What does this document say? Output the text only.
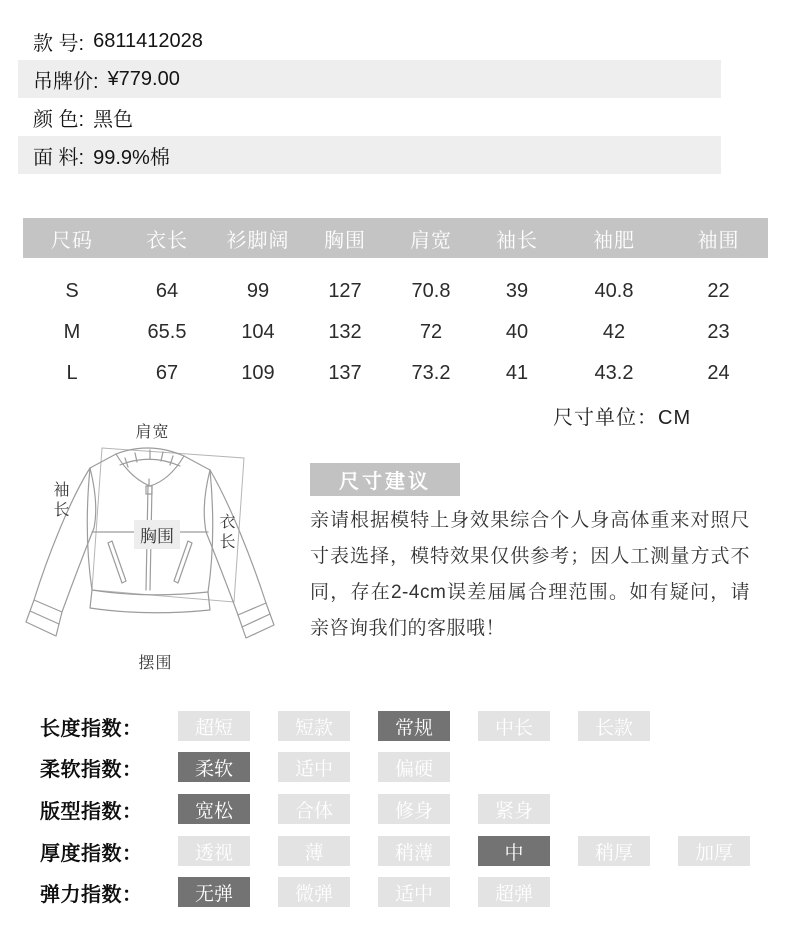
款 号: 6811412028
吊牌价: ¥779.00
颜 色: 黑色
面 料: 99.9%棉
尺码	衣长	衫脚阔	胸围	肩宽	袖长	袖肥	袖围
S	64	99	127	70.8	39	40.8	22
M	65.5	104	132	72	40	42	23
L	67	109	137	73.2	41	43.2	24
尺寸单位：CM
肩宽
袖长
胸围	衣长
摆围
尺寸建议
亲请根据模特上身效果综合个人身高体重来对照尺寸表选择，模特效果仅供参考；因人工测量方式不同，存在2-4cm误差届属合理范围。如有疑问，请亲咨询我们的客服哦！
长度指数：	超短	短款	常规	中长	长款
柔软指数：	柔软	适中	偏硬
版型指数：	宽松	合体	修身	紧身
厚度指数：	透视	薄	稍薄	中	稍厚	加厚
弹力指数：	无弹	微弹	适中	超弹
